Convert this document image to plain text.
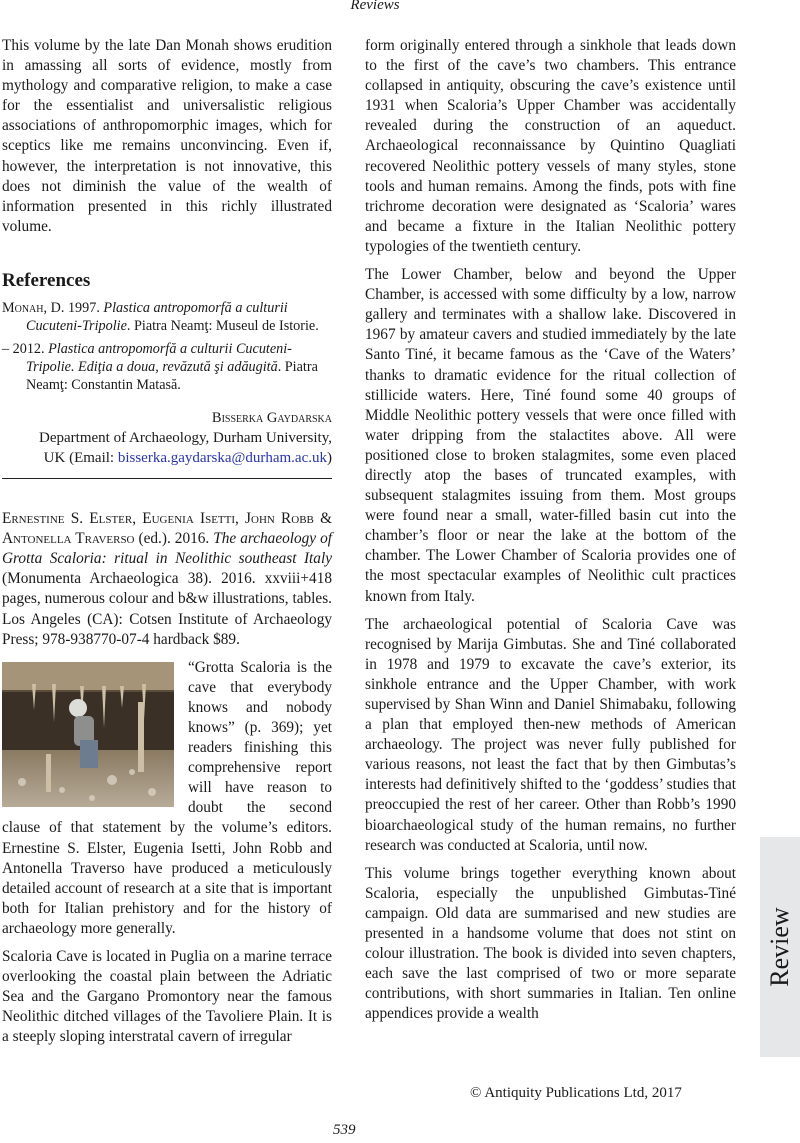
Reviews

This volume by the late Dan Monah shows erudition in amassing all sorts of evidence, mostly from mythology and comparative religion, to make a case for the essentialist and universalistic religious associations of anthropomorphic images, which for sceptics like me remains unconvincing. Even if, however, the interpretation is not innovative, this does not diminish the value of the wealth of information presented in this richly illustrated volume.

References
Monah, D. 1997. Plastica antropomorfă a culturii Cucuteni-Tripolie. Piatra Neamţ: Museul de Istorie.
– 2012. Plastica antropomorfă a culturii Cucuteni-Tripolie. Ediţia a doua, revăzută şi adăugită. Piatra Neamţ: Constantin Matasă.
Bisserka Gaydarska
Department of Archaeology, Durham University,
UK (Email: bisserka.gaydarska@durham.ac.uk)

Ernestine S. Elster, Eugenia Isetti, John Robb & Antonella Traverso (ed.). 2016. The archaeology of Grotta Scaloria: ritual in Neolithic southeast Italy (Monumenta Archaeologica 38). 2016. xxviii+418 pages, numerous colour and b&w illustrations, tables. Los Angeles (CA): Cotsen Institute of Archaeology Press; 978-938770-07-4 hardback $89.

“Grotta Scaloria is the cave that everybody knows and nobody knows” (p. 369); yet readers finishing this comprehensive report will have reason to doubt the second clause of that statement by the volume’s editors. Ernestine S. Elster, Eugenia Isetti, John Robb and Antonella Traverso have produced a meticulously detailed account of research at a site that is important both for Italian prehistory and for the history of archaeology more generally.

Scaloria Cave is located in Puglia on a marine terrace overlooking the coastal plain between the Adriatic Sea and the Gargano Promontory near the famous Neolithic ditched villages of the Tavoliere Plain. It is a steeply sloping interstratal cavern of irregular

form originally entered through a sinkhole that leads down to the first of the cave’s two chambers. This entrance collapsed in antiquity, obscuring the cave’s existence until 1931 when Scaloria’s Upper Chamber was accidentally revealed during the construction of an aqueduct. Archaeological reconnaissance by Quintino Quagliati recovered Neolithic pottery vessels of many styles, stone tools and human remains. Among the finds, pots with fine trichrome decoration were designated as ‘Scaloria’ wares and became a fixture in the Italian Neolithic pottery typologies of the twentieth century.

The Lower Chamber, below and beyond the Upper Chamber, is accessed with some difficulty by a low, narrow gallery and terminates with a shallow lake. Discovered in 1967 by amateur cavers and studied immediately by the late Santo Tiné, it became famous as the ‘Cave of the Waters’ thanks to dramatic evidence for the ritual collection of stillicide waters. Here, Tiné found some 40 groups of Middle Neolithic pottery vessels that were once filled with water dripping from the stalactites above. All were positioned close to broken stalagmites, some even placed directly atop the bases of truncated examples, with subsequent stalagmites issuing from them. Most groups were found near a small, water-filled basin cut into the chamber’s floor or near the lake at the bottom of the chamber. The Lower Chamber of Scaloria provides one of the most spectacular examples of Neolithic cult practices known from Italy.

The archaeological potential of Scaloria Cave was recognised by Marija Gimbutas. She and Tiné collaborated in 1978 and 1979 to excavate the cave’s exterior, its sinkhole entrance and the Upper Chamber, with work supervised by Shan Winn and Daniel Shimabaku, following a plan that employed then-new methods of American archaeology. The project was never fully published for various reasons, not least the fact that by then Gimbutas’s interests had definitively shifted to the ‘goddess’ studies that preoccupied the rest of her career. Other than Robb’s 1990 bioarchaeological study of the human remains, no further research was conducted at Scaloria, until now.

This volume brings together everything known about Scaloria, especially the unpublished Gimbutas-Tiné campaign. Old data are summarised and new studies are presented in a handsome volume that does not stint on colour illustration. The book is divided into seven chapters, each save the last comprised of two or more separate contributions, with short summaries in Italian. Ten online appendices provide a wealth

Review
© Antiquity Publications Ltd, 2017
539
